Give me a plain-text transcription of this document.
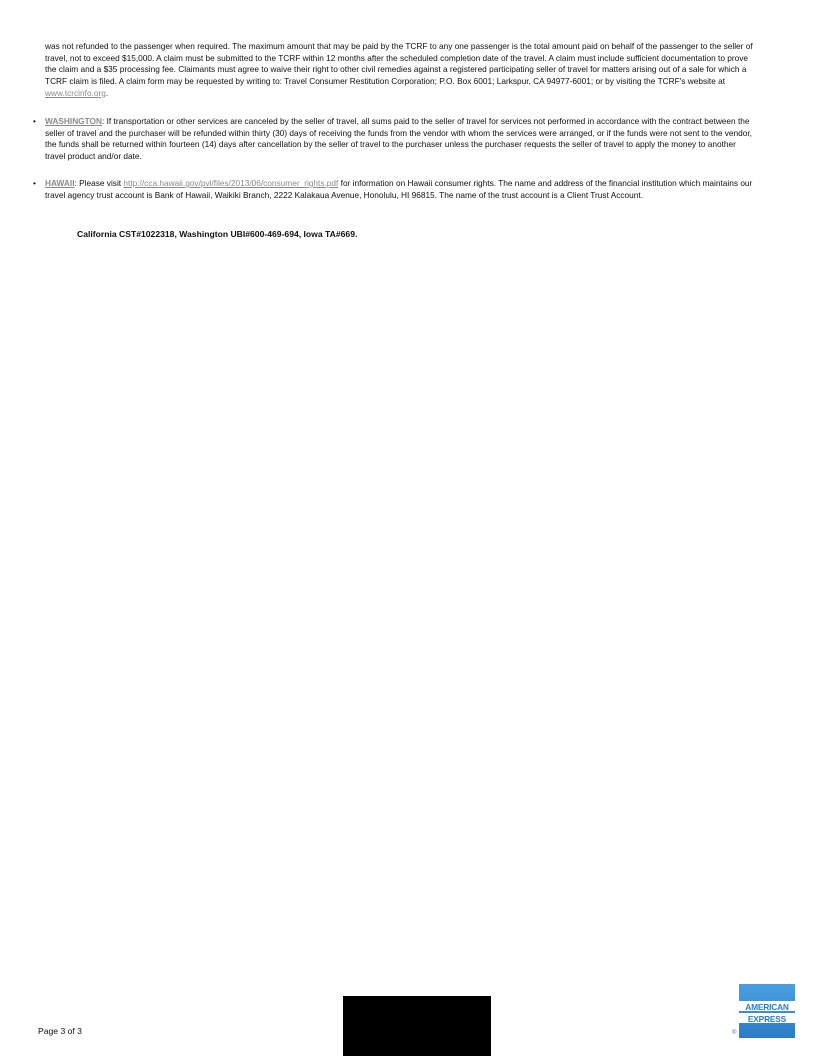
was not refunded to the passenger when required. The maximum amount that may be paid by the TCRF to any one passenger is the total amount paid on behalf of the passenger to the seller of travel, not to exceed $15,000. A claim must be submitted to the TCRF within 12 months after the scheduled completion date of the travel. A claim must include sufficient documentation to prove the claim and a $35 processing fee. Claimants must agree to waive their right to other civil remedies against a registered participating seller of travel for matters arising out of a sale for which a TCRF claim is filed. A claim form may be requested by writing to: Travel Consumer Restitution Corporation; P.O. Box 6001; Larkspur, CA 94977-6001; or by visiting the TCRF's website at www.tcrcinfo.org.

•	WASHINGTON: If transportation or other services are canceled by the seller of travel, all sums paid to the seller of travel for services not performed in accordance with the contract between the seller of travel and the purchaser will be refunded within thirty (30) days of receiving the funds from the vendor with whom the services were arranged, or if the funds were not sent to the vendor, the funds shall be returned within fourteen (14) days after cancellation by the seller of travel to the purchaser unless the purchaser requests the seller of travel to apply the money to another travel product and/or date.

•	HAWAII: Please visit http://cca.hawaii.gov/pvl/files/2013/06/consumer_rights.pdf for information on Hawaii consumer rights. The name and address of the financial institution which maintains our travel agency trust account is Bank of Hawaii, Waikiki Branch, 2222 Kalakaua Avenue, Honolulu, HI 96815. The name of the trust account is a Client Trust Account.

California CST#1022318, Washington UBI#600-469-694, Iowa TA#669.

Page 3 of 3
AMERICAN
EXPRESS
®
